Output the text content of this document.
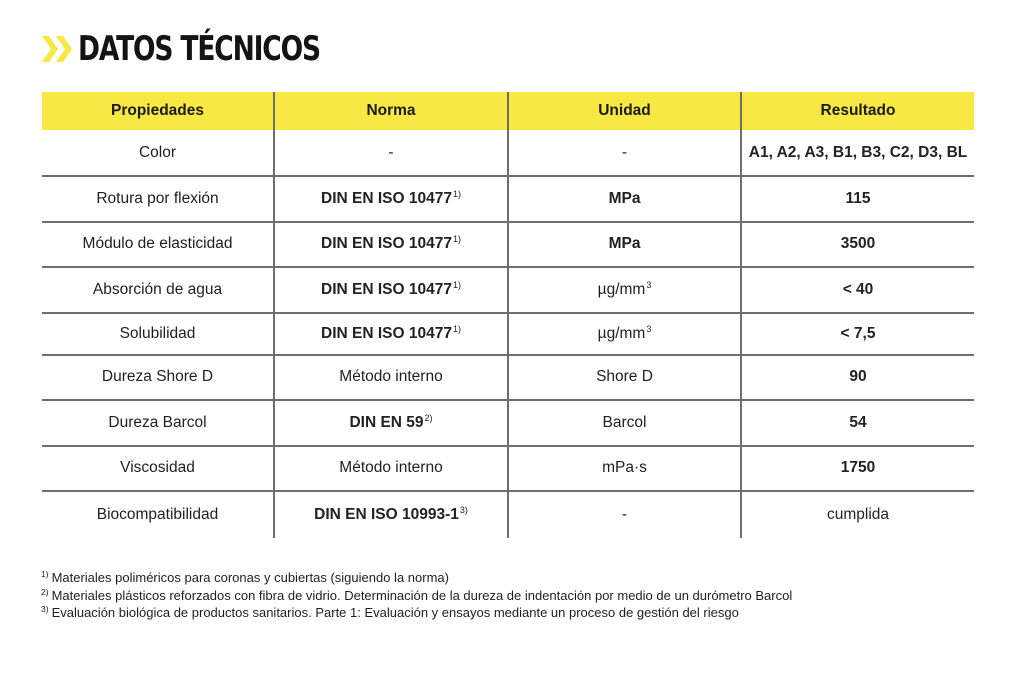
DATOS TÉCNICOS
Propiedades	Norma	Unidad	Resultado
Color	-	-	A1, A2, A3, B1, B3, C2, D3, BL
Rotura por flexión	DIN EN ISO 10477$^{1)}$	MPa	115
Módulo de elasticidad	DIN EN ISO 10477$^{1)}$	MPa	3500
Absorción de agua	DIN EN ISO 10477$^{1)}$	µg/mm$^3$	< 40
Solubilidad	DIN EN ISO 10477$^{1)}$	µg/mm$^3$	< 7,5
Dureza Shore D	Método interno	Shore D	90
Dureza Barcol	DIN EN 59$^{2)}$	Barcol	54
Viscosidad	Método interno	mPa·s	1750
Biocompatibilidad	DIN EN ISO 10993-1$^{3)}$	-	cumplida
$^{1)}$ Materiales poliméricos para coronas y cubiertas (siguiendo la norma)
$^{2)}$ Materiales plásticos reforzados con fibra de vidrio. Determinación de la dureza de indentación por medio de un durómetro Barcol
$^{3)}$ Evaluación biológica de productos sanitarios. Parte 1: Evaluación y ensayos mediante un proceso de gestión del riesgo
